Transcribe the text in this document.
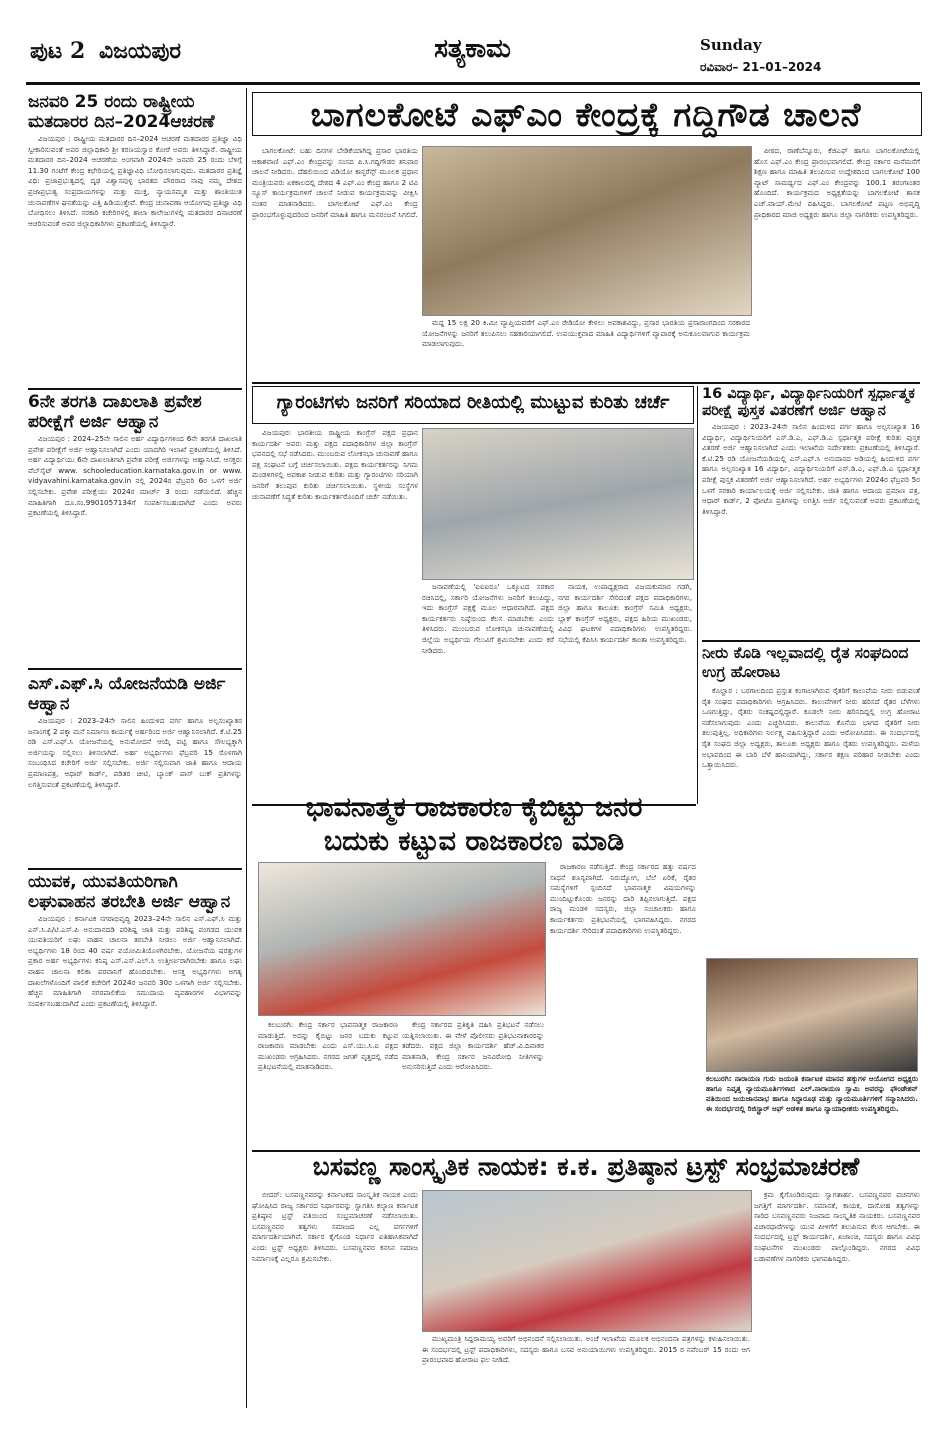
ಪುಟ 2 ವಿಜಯಪುರ	ಸತ್ಯಕಾಮ	Sunday
ರವಿವಾರ– 21–01–2024
ಜನವರಿ 25 ರಂದು ರಾಷ್ಟ್ರೀಯ ಮತದಾರರ ದಿನ–2024ಆಚರಣೆ

ವಿಜಯಪುರ : ರಾಷ್ಟ್ರೀಯ ಮತದಾರರ ದಿನ–2024 ಆಚರಣೆ ಮತದಾರರ ಪ್ರತಿಜ್ಞಾ ವಿಧಿ ಸ್ವೀಕಾರಿಸುವಂತೆ ಅಪರ ಜಿಲ್ಲಾಧಿಕಾರಿ ಶ್ರೀ ಕರಣಯಸ್ವಾರ ಕೋರೆ ಅವರು ತಿಳಿಸಿದ್ದಾರೆ. ರಾಷ್ಟ್ರೀಯ ಮತದಾರರ ದಿನ–2024 ಆಚರಣೆಯ ಅಂಗವಾಗಿ 2024ನೇ ಜನವರಿ 25 ರಂದು ಬೆಳಿಗ್ಗೆ 11.30 ಗಂಟೆಗೆ ಕೇಂದ್ರ ಕಛೇರಿಯಲ್ಲಿ ಪ್ರತಿಜ್ಞಾವಿಧಿ ಬೋಧಿಸಲಾಗುವುದು. ಮತದಾರರ ಪ್ರತಿಜ್ಞೆ ವಿಧಿ: ಪ್ರಜಾಪ್ರಭುತ್ವದಲ್ಲಿ ದೃಢ ವಿಶ್ವಾಸವುಳ್ಳ ಭಾರತದ ಪೌರರಾದ ನಾವು ನಮ್ಮ ದೇಶದ ಪ್ರಜಾಪ್ರಭುತ್ವ ಸಂಪ್ರದಾಯಗಳನ್ನು ಮತ್ತು ಮುಕ್ತ, ನ್ಯಾಯಸಮ್ಮತ ಮತ್ತು ಶಾಂತಿಯುತ ಚುನಾವಣೆಗಳ ಘನತೆಯನ್ನು ಎತ್ತಿ ಹಿಡಿಯುತ್ತೇವೆ. ಕೇಂದ್ರ ಚುನಾವಣಾ ಆಯೋಗವು ಪ್ರತಿಜ್ಞಾ ವಿಧಿ ಬೋಧಿಸಲು ತಿಳಿಸಿದೆ. ಸರಕಾರಿ ಕಚೇರಿಗಳಲ್ಲಿ ಶಾಲಾ ಕಾಲೇಜುಗಳಲ್ಲಿ ಮತದಾರರ ದಿನಾಚರಣೆ ಆಚರಿಸುವಂತೆ ಅಪರ ಜಿಲ್ಲಾಧಿಕಾರಿಗಳು ಪ್ರಕಟಣೆಯಲ್ಲಿ ತಿಳಿಸಿದ್ದಾರೆ.

6ನೇ ತರಗತಿ ದಾಖಲಾತಿ ಪ್ರವೇಶ ಪರೀಕ್ಷೆಗೆ ಅರ್ಜಿ ಆಹ್ವಾನ

ವಿಜಯಪುರ : 2024–25ನೇ ಸಾಲಿನ ಅರ್ಹ ವಿದ್ಯಾರ್ಥಿಗಳಿಂದ 6ನೇ ತರಗತಿ ದಾಖಲಾತಿ ಪ್ರವೇಶ ಪರೀಕ್ಷೆಗೆ ಅರ್ಜಿ ಆಹ್ವಾನಿಸಲಾಗಿದೆ ಎಂದು ಯಾದಗಿರಿ ಇಲಾಖೆ ಪ್ರಕಟಣೆಯಲ್ಲಿ ತಿಳಿಸಿದೆ. ಅರ್ಹ ವಿದ್ಯಾರ್ಥಿಯು 6ನೇ ದಾಖಲಾತಿಗಾಗಿ ಪ್ರವೇಶ ಪರೀಕ್ಷೆ ಅರ್ಜಿಗಳನ್ನು ಆಹ್ವಾನಿಸಿದೆ. ಆಸಕ್ತರು ವೆಬ್‌ಸೈಟ್ www. schooleducation.karnataka.gov.in or www. vidyavahini.karnataka.gov.in ನಲ್ಲಿ 2024ರ ಫೆಬ್ರವರಿ 6ರ ಒಳಗೆ ಅರ್ಜಿ ಸಲ್ಲಿಸಬೇಕು. ಪ್ರವೇಶ ಪರೀಕ್ಷೆಯು 2024ರ ಮಾರ್ಚ್ 3 ರಂದು ನಡೆಯಲಿದೆ. ಹೆಚ್ಚಿನ ಮಾಹಿತಿಗಾಗಿ ದೂ.ಸಂ.9901057134ಗೆ ಸಂಪರ್ಕಿಸಬಹುದಾಗಿದೆ ಎಂದು ಅವರು ಪ್ರಕಟಣೆಯಲ್ಲಿ ತಿಳಿಸಿದ್ದಾರೆ.

ಎಸ್.ಎಫ್.ಸಿ ಯೋಜನೆಯಡಿ ಅರ್ಜಿ ಆಹ್ವಾನ

ವಿಜಯಪುರ : 2023–24ನೇ ಸಾಲಿನ ಹಿಂದುಳಿದ ವರ್ಗ ಹಾಗೂ ಅಲ್ಪಸಂಖ್ಯಾತರ ಜನಾಂಗಕ್ಕೆ 2 ಪಕ್ಕಾ ಮನೆ ನಿರ್ಮಾಣ ಕಾರ್ಯಕ್ಕೆ ಅರ್ಹರಿಂದ ಅರ್ಜಿ ಆಹ್ವಾನಿಸಲಾಗಿದೆ. ಕೆ.ಟಿ.25 ರಡಿ ಎಸ್.ಎಫ್.ಸಿ ಯೋಜನೆಯಲ್ಲಿ ಅನುಮೋದನೆ ಆಯ್ಕೆ ಪಟ್ಟಿ ಹಾಗೂ ಸೌಲಭ್ಯಕ್ಕಾಗಿ ಅರ್ಜಿಯನ್ನು ಸಲ್ಲಿಸಲು ತಿಳಿಸಲಾಗಿದೆ. ಅರ್ಹ ಅಭ್ಯರ್ಥಿಗಳು ಫೆಬ್ರವರಿ 15 ರೊಳಗಾಗಿ ಸಂಬಂಧಿಸಿದ ಕಚೇರಿಗೆ ಅರ್ಜಿ ಸಲ್ಲಿಸಬೇಕು. ಅರ್ಜಿ ಸಲ್ಲಿಸುವಾಗ ಜಾತಿ ಹಾಗೂ ಆದಾಯ ಪ್ರಮಾಣಪತ್ರ, ಆಧಾರ್ ಕಾರ್ಡ್, ಪಡಿತರ ಚೀಟಿ, ಬ್ಯಾಂಕ್ ಪಾಸ್ ಬುಕ್ ಪ್ರತಿಗಳನ್ನು ಲಗತ್ತಿಸುವಂತೆ ಪ್ರಕಟಣೆಯಲ್ಲಿ ತಿಳಿಸಿದ್ದಾರೆ.

ಯುವಕ, ಯುವತಿಯರಿಗಾಗಿ ಲಘುವಾಹನ ತರಬೇತಿ ಅರ್ಜಿ ಆಹ್ವಾನ

ವಿಜಯಪುರ : ಕರ್ನಾಟಕ ನಗರಾಭಿವೃದ್ಧಿ 2023–24ನೇ ಸಾಲಿನ ಎಸ್.ಎಫ್.ಸಿ ಮತ್ತು ಎಸ್.ಸಿ.ಪಿ/ಟಿ.ಎಸ್.ಪಿ ಅನುದಾನದಡಿ ಪರಿಶಿಷ್ಟ ಜಾತಿ ಮತ್ತು ಪರಿಶಿಷ್ಟ ಪಂಗಡದ ಯುವಕ ಯುವತಿಯರಿಗೆ ಲಘು ವಾಹನ ಚಾಲನಾ ತರಬೇತಿ ನೀಡಲು ಅರ್ಜಿ ಆಹ್ವಾನಿಸಲಾಗಿದೆ. ಅಭ್ಯರ್ಥಿಗಳು 18 ರಿಂದ 40 ವರ್ಷ ವಯೋಮಿತಿಯೊಳಗಿರಬೇಕು. ಯೋಜನೆಯ ಷರತ್ತುಗಳ ಪ್ರಕಾರ ಅರ್ಹ ಅಭ್ಯರ್ಥಿಗಳು ಕನಿಷ್ಠ ಎಸ್.ಎಸ್.ಎಲ್.ಸಿ ಉತ್ತೀರ್ಣರಾಗಿರಬೇಕು ಹಾಗೂ ಲಘು ವಾಹನ ಚಾಲನಾ ಕಲಿಕಾ ಪರವಾನಿಗೆ ಹೊಂದಿರಬೇಕು. ಆಸಕ್ತ ಅಭ್ಯರ್ಥಿಗಳು ಅಗತ್ಯ ದಾಖಲೆಗಳೊಂದಿಗೆ ಪಾಲಿಕೆ ಕಚೇರಿಗೆ 2024ರ ಜನವರಿ 30ರ ಒಳಗಾಗಿ ಅರ್ಜಿ ಸಲ್ಲಿಸಬೇಕು. ಹೆಚ್ಚಿನ ಮಾಹಿತಿಗಾಗಿ ನಗರಪಾಲಿಕೆಯ ಸಮುದಾಯ ವ್ಯವಹಾರಗಳ ವಿಭಾಗವನ್ನು ಸಂಪರ್ಕಿಸಬಹುದಾಗಿದೆ ಎಂದು ಪ್ರಕಟಣೆಯಲ್ಲಿ ತಿಳಿಸಿದ್ದಾರೆ.

ಬಾಗಲಕೋಟೆ ಎಫ್ಎಂ ಕೇಂದ್ರಕ್ಕೆ ಗದ್ದಿಗೌಡ ಚಾಲನೆ

ಬಾಗಲಕೋಟೆ: ಬಹು ದಿನಗಳ ಬೇಡಿಕೆಯಾಗಿದ್ದ ಪ್ರಸಾರ ಭಾರತಿಯ ಆಕಾಶವಾಣಿ ಎಫ್.ಎಂ ಕೇಂದ್ರವನ್ನು ಸಂಸದ ಪಿ.ಸಿ.ಗದ್ದಿಗೌಡರ ಶನಿವಾರ ಚಾಲನೆ ನೀಡಿದರು. ದೆಹಲಿಯಿಂದ ವಿಡಿಯೋ ಕಾನ್ಫರೆನ್ಸ್ ಮೂಲಕ ಪ್ರಧಾನ ಮಂತ್ರಿಯವರು ಏಕಕಾಲದಲ್ಲಿ ದೇಶದ 4 ಎಫ್.ಎಂ ಕೇಂದ್ರ ಹಾಗೂ 2 ಟಿವಿ ನ್ಯೂಸ್ ಕಾರ್ಯಕ್ರಮಗಳಿಗೆ ಚಾಲನೆ ನೀಡುವ ಕಾರ್ಯಕ್ರಮವನ್ನು ವೀಕ್ಷಿಸಿ ನಂತರ ಮಾತನಾಡಿದರು. ಬಾಗಲಕೋಟೆ ಎಫ್.ಎಂ ಕೇಂದ್ರ ಪ್ರಾರಂಭಗೊಳ್ಳುವುದರಿಂದ ಜನರಿಗೆ ಮಾಹಿತಿ ಹಾಗೂ ಮನರಂಜನೆ ಸಿಗಲಿದೆ.

ಮದ್ದ 15 ಲಕ್ಷ 20 ಕಿ.ಮೀ ವ್ಯಾಪ್ತಿಯವರೆಗೆ ಎಫ್.ಎಂ ರೇಡಿಯೋ ಕೇಳಲು ಅವಕಾಶವಿದ್ದು, ಪ್ರಸಾರ ಭಾರತಿಯ ಪ್ರಸಾರಾಂಗದಿಂದ ಸರಕಾರದ ಯೋಜನೆಗಳನ್ನು ಜನರಿಗೆ ತಲುಪಿಸಲು ಸಹಕಾರಿಯಾಗಲಿದೆ. ಉಪಯುಕ್ತವಾದ ಮಾಹಿತಿ ವಿದ್ಯಾರ್ಥಿಗಳಿಗೆ ವ್ಯಾಪಾರಕ್ಕೆ ಅನುಕೂಲವಾಗುವ ಕಾರ್ಯಕ್ರಮ ಮಾಡಲಾಗುವುದು.

ಪೀಠದ, ರಾಣೆಬೆನ್ನೂರು, ಕೆಜಿಎಫ್ ಹಾಗೂ ಬಾಗಲಕೋಟೆಯಲ್ಲಿ ಹೊಸ ಎಫ್.ಎಂ ಕೇಂದ್ರ ಪ್ರಾರಂಭವಾಗಲಿದೆ. ಕೇಂದ್ರ ಸರ್ಕಾರ ಮನೆಮನೆಗೆ ಶಿಕ್ಷಣ ಹಾಗೂ ಮಾಹಿತಿ ತಲುಪಿಸುವ ಉದ್ದೇಶದಿಂದ ಬಾಗಲಕೋಟೆ 100 ವ್ಯಾಟ್ ಸಾಮರ್ಥ್ಯದ ಎಫ್.ಎಂ ಕೇಂದ್ರವನ್ನು 100.1 ತರಂಗಾಂತರ ಹೊಂದಿದೆ. ಕಾರ್ಯಕ್ರಮದ ಅಧ್ಯಕ್ಷತೆಯನ್ನು ಬಾಗಲಕೋಟೆ ಶಾಸಕ ಎಚ್.ವಾಯ್.ಮೇಟಿ ವಹಿಸಿದ್ದರು. ಬಾಗಲಕೋಟೆ ಪಟ್ಟಣ ಅಭಿವೃದ್ಧಿ ಪ್ರಾಧಿಕಾರದ ಮಾಜಿ ಅಧ್ಯಕ್ಷರು ಹಾಗೂ ಜಿಲ್ಲಾ ನಾಗರಿಕರು ಉಪಸ್ಥಿತರಿದ್ದರು.

ಗ್ಯಾರಂಟಿಗಳು ಜನರಿಗೆ ಸರಿಯಾದ ರೀತಿಯಲ್ಲಿ ಮುಟ್ಟುವ ಕುರಿತು ಚರ್ಚೆ

ವಿಜಯಪುರ: ಭಾರತೀಯ ರಾಷ್ಟ್ರೀಯ ಕಾಂಗ್ರೆಸ್ ಪಕ್ಷದ ಪ್ರಧಾನ ಕಾರ್ಯದರ್ಶಿ ಅವರು ಮತ್ತು ಪಕ್ಷದ ಪದಾಧಿಕಾರಿಗಳ ಜಿಲ್ಲಾ ಕಾಂಗ್ರೆಸ್ ಭವನದಲ್ಲಿ ಸಭೆ ನಡೆಸಿದರು. ಮುಂಬರುವ ಲೋಕಸಭಾ ಚುನಾವಣೆ ಹಾಗೂ ಪಕ್ಷ ಸಂಘಟನೆ ಬಗ್ಗೆ ಚರ್ಚಿಸಲಾಯಿತು. ಪಕ್ಷದ ಕಾರ್ಯಕರ್ತರನ್ನು ನಿಗಮ ಮಂಡಳಿಗಳಲ್ಲಿ ಅವಕಾಶ ನೀಡುವ ಕುರಿತು ಮತ್ತು ಗ್ಯಾರಂಟಿಗಳು ಸರಿಯಾಗಿ ಜನರಿಗೆ ತಲುಪುವ ಕುರಿತು ಚರ್ಚಿಸಲಾಯಿತು. ಸ್ಥಳೀಯ ಸಂಸ್ಥೆಗಳ ಚುನಾವಣೆಗೆ ಸಿದ್ಧತೆ ಕುರಿತು ಕಾರ್ಯಕರ್ತರೊಂದಿಗೆ ಚರ್ಚೆ ನಡೆಯಿತು.

ಜನಾವಣೆಯಲ್ಲಿ 'ಐಐಐರೂ' ಒಕ್ಕೂಟದ ಸರಕಾರ ರಚಿಸಿದಲ್ಲಿ, ಸರ್ಕಾರಿ ಯೋಜನೆಗಳು ಜನರಿಗೆ ತಲುಪಿದ್ದು, ಇದು ಕಾಂಗ್ರೆಸ್ ಪಕ್ಷಕ್ಕೆ ಮೂಲ ಆಧಾರವಾಗಿದೆ. ಪಕ್ಷದ ಕಾರ್ಯಕರ್ತರು ನಿಷ್ಠೆಯಿಂದ ಕೆಲಸ ಮಾಡಬೇಕು ಎಂದು ತಿಳಿಸಿದರು. ಮುಂಬರುವ ಲೋಕಸಭಾ ಚುನಾವಣೆಯಲ್ಲಿ ಜಿಲ್ಲೆಯ ಅಭ್ಯರ್ಥಿಯ ಗೆಲುವಿಗೆ ಶ್ರಮಿಸಬೇಕು ಎಂದು ಕರೆ ನೀಡಿದರು.

ನಾಯಕ, ಉಪಾಧ್ಯಕ್ಷರಾದ ವಿಜಯಕುಮಾರ ಗಡಗಿ, ನಗರ ಕಾರ್ಯದರ್ಶಿ ಸೇರಿದಂತೆ ಪಕ್ಷದ ಪದಾಧಿಕಾರಿಗಳು, ಜಿಲ್ಲಾ ಹಾಗೂ ತಾಲೂಕು ಕಾಂಗ್ರೆಸ್ ಸಮಿತಿ ಅಧ್ಯಕ್ಷರು, ಬ್ಲಾಕ್ ಕಾಂಗ್ರೆಸ್ ಅಧ್ಯಕ್ಷರು, ಪಕ್ಷದ ಹಿರಿಯ ಮುಖಂಡರು, ವಿವಿಧ ಘಟಕಗಳ ಪದಾಧಿಕಾರಿಗಳು ಉಪಸ್ಥಿತರಿದ್ದರು. ಸಭೆಯಲ್ಲಿ ಕೆಪಿಸಿಸಿ ಕಾರ್ಯದರ್ಶಿ ಕಾಂತಾ ಉಪಸ್ಥಿತರಿದ್ದರು.

16 ವಿದ್ಯಾರ್ಥಿ, ವಿದ್ಯಾರ್ಥಿನಿಯರಿಗೆ ಸ್ಪರ್ಧಾತ್ಮಕ ಪರೀಕ್ಷೆ ಪುಸ್ತಕ ವಿತರಣೆಗೆ ಅರ್ಜಿ ಆಹ್ವಾನ

ವಿಜಯಪುರ : 2023–24ನೇ ಸಾಲಿನ ಹಿಂದುಳಿದ ವರ್ಗ ಹಾಗೂ ಅಲ್ಪಸಂಖ್ಯಾತ 16 ವಿದ್ಯಾರ್ಥಿ, ವಿದ್ಯಾರ್ಥಿನಿಯರಿಗೆ ಎಸ್.ಡಿ.ಎ, ಎಫ್.ಡಿ.ಎ ಸ್ಪರ್ಧಾತ್ಮಕ ಪರೀಕ್ಷೆ ಕುರಿತು ಪುಸ್ತಕ ವಿತರಣೆ ಅರ್ಜಿ ಆಹ್ವಾನಿಸಲಾಗಿದೆ ಎಂದು ಇಲಾಖೆಯ ನಿರ್ದೇಶಕರು ಪ್ರಕಟಣೆಯಲ್ಲಿ ತಿಳಿಸಿದ್ದಾರೆ. ಕೆ.ಟಿ.25 ರಡಿ ಯೋಜನೆಯಡಿಯಲ್ಲಿ ಎಸ್.ಎಫ್.ಸಿ ಅನುದಾನದ ಅಡಿಯಲ್ಲಿ ಹಿಂದುಳಿದ ವರ್ಗ ಹಾಗೂ ಅಲ್ಪಸಂಖ್ಯಾತ 16 ವಿದ್ಯಾರ್ಥಿ, ವಿದ್ಯಾರ್ಥಿನಿಯರಿಗೆ ಎಸ್.ಡಿ.ಎ, ಎಫ್.ಡಿ.ಎ ಸ್ಪರ್ಧಾತ್ಮಕ ಪರೀಕ್ಷೆ ಪುಸ್ತಕ ವಿತರಣೆಗೆ ಅರ್ಜಿ ಆಹ್ವಾನಿಸಲಾಗಿದೆ. ಅರ್ಹ ಅಭ್ಯರ್ಥಿಗಳು 2024ರ ಫೆಬ್ರವರಿ 5ರ ಒಳಗೆ ಸರಕಾರಿ ಕಾರ್ಯಾಲಯಕ್ಕೆ ಅರ್ಜಿ ಸಲ್ಲಿಸಬೇಕು. ಜಾತಿ ಹಾಗೂ ಆದಾಯ ಪ್ರಮಾಣ ಪತ್ರ, ಆಧಾರ್ ಕಾರ್ಡ್, 2 ಫೋಟೊ ಪ್ರತಿಗಳನ್ನು ಲಗತ್ತಿಸಿ ಅರ್ಜಿ ಸಲ್ಲಿಸುವಂತೆ ಅವರು ಪ್ರಕಟಣೆಯಲ್ಲಿ ತಿಳಿಸಿದ್ದಾರೆ.

ನೀರು ಕೊಡಿ ಇಲ್ಲವಾದಲ್ಲಿ ರೈತ ಸಂಘದಿಂದ ಉಗ್ರ ಹೋರಾಟ

ಕೊಲ್ಹಾರ : ಬರಗಾಲದಿಂದ ಪ್ರಸ್ತುತ ಕಂಗಾಲಾಗಿರುವ ರೈತರಿಗೆ ಕಾಲುವೆಯ ನೀರು ಬಿಡುವಂತೆ ರೈತ ಸಂಘದ ಪದಾಧಿಕಾರಿಗಳು ಆಗ್ರಹಿಸಿದರು. ಕಾಲುವೆಗಳಿಗೆ ನೀರು ಹರಿಸದೆ ರೈತರ ಬೆಳೆಗಳು ಒಣಗುತ್ತಿದ್ದು, ರೈತರು ಸಂಕಷ್ಟದಲ್ಲಿದ್ದಾರೆ. ಕೂಡಲೇ ನೀರು ಹರಿಸದಿದ್ದಲ್ಲಿ ಉಗ್ರ ಹೋರಾಟ ನಡೆಸಲಾಗುವುದು ಎಂದು ಎಚ್ಚರಿಸಿದರು. ಕಾಲುವೆಯ ಕೊನೆಯ ಭಾಗದ ರೈತರಿಗೆ ನೀರು ತಲುಪುತ್ತಿಲ್ಲ. ಅಧಿಕಾರಿಗಳು ನಿರ್ಲಕ್ಷ್ಯ ವಹಿಸುತ್ತಿದ್ದಾರೆ ಎಂದು ಆರೋಪಿಸಿದರು. ಈ ಸಂದರ್ಭದಲ್ಲಿ ರೈತ ಸಂಘದ ಜಿಲ್ಲಾ ಅಧ್ಯಕ್ಷರು, ತಾಲೂಕು ಅಧ್ಯಕ್ಷರು ಹಾಗೂ ರೈತರು ಉಪಸ್ಥಿತರಿದ್ದರು. ಮಳೆಯ ಅಭಾವದಿಂದ ಈ ಬಾರಿ ಬೆಳೆ ಹಾನಿಯಾಗಿದ್ದು, ಸರ್ಕಾರ ತಕ್ಷಣ ಪರಿಹಾರ ನೀಡಬೇಕು ಎಂದು ಒತ್ತಾಯಿಸಿದರು.

ಭಾವನಾತ್ಮಕ ರಾಜಕಾರಣ ಕೈಬಿಟ್ಟು ಜನರ
ಬದುಕು ಕಟ್ಟುವ ರಾಜಕಾರಣ ಮಾಡಿ

ರಾಜಕಾರಣ ನಡೆಸುತ್ತಿದೆ. ಕೇಂದ್ರ ಸರ್ಕಾರದ ಹತ್ತು ವರ್ಷದ ಸಾಧನೆ ಶೂನ್ಯವಾಗಿದೆ. ನಿರುದ್ಯೋಗ, ಬೆಲೆ ಏರಿಕೆ, ರೈತರ ಸಮಸ್ಯೆಗಳಿಗೆ ಸ್ಪಂದಿಸದೆ ಭಾವನಾತ್ಮಕ ವಿಷಯಗಳನ್ನು ಮುಂದಿಟ್ಟುಕೊಂಡು ಜನರನ್ನು ದಾರಿ ತಪ್ಪಿಸಲಾಗುತ್ತಿದೆ. ಪಕ್ಷದ ರಾಜ್ಯ ಮಂಡಳಿ ಸದಸ್ಯರು, ಜಿಲ್ಲಾ ಸಂಚಾಲಕರು ಹಾಗೂ ಕಾರ್ಯಕರ್ತರು ಪ್ರತಿಭಟನೆಯಲ್ಲಿ ಭಾಗವಹಿಸಿದ್ದರು. ನಗರದ ಕಾರ್ಯದರ್ಶಿ ಸೇರಿದಂತೆ ಪದಾಧಿಕಾರಿಗಳು ಉಪಸ್ಥಿತರಿದ್ದರು.

ಕಲಬುರಗಿ: ಕೇಂದ್ರ ಸರ್ಕಾರ ಭಾವನಾತ್ಮಕ ರಾಜಕಾರಣ ಮಾಡುತ್ತಿದೆ. ಅದನ್ನು ಕೈಬಿಟ್ಟು ಜನರ ಬದುಕು ಕಟ್ಟುವ ರಾಜಕಾರಣ ಮಾಡಬೇಕು ಎಂದು ಎಸ್.ಯು.ಸಿ.ಐ ಪಕ್ಷದ ಮುಖಂಡರು ಆಗ್ರಹಿಸಿದರು. ನಗರದ ಜಗತ್ ವೃತ್ತದಲ್ಲಿ ನಡೆದ ಪ್ರತಿಭಟನೆಯಲ್ಲಿ ಮಾತನಾಡಿದರು.

ಕೇಂದ್ರ ಸರ್ಕಾರದ ಪ್ರತಿಕೃತಿ ದಹಿಸಿ ಪ್ರತಿಭಟನೆ ನಡೆಸಲು ಯತ್ನಿಸಲಾಯಿತು. ಈ ವೇಳೆ ಪೊಲೀಸರು ಪ್ರತಿಭಟನಾಕಾರರನ್ನು ತಡೆದರು. ಪಕ್ಷದ ಜಿಲ್ಲಾ ಕಾರ್ಯದರ್ಶಿ ಹೆಚ್.ವಿ.ದಿವಾಕರ ಮಾತನಾಡಿ, ಕೇಂದ್ರ ಸರ್ಕಾರ ಜನವಿರೋಧಿ ನೀತಿಗಳನ್ನು ಅನುಸರಿಸುತ್ತಿದೆ ಎಂದು ಆರೋಪಿಸಿದರು.

ಕಲಬುರಗಿ: ನಾರಾಯಣ ಗುರು ಜಯಂತಿ ಕರ್ನಾಟಕ ಮಾನವ ಹಕ್ಕುಗಳ ಆಯೋಗದ ಅಧ್ಯಕ್ಷರು ಹಾಗೂ ನಿವೃತ್ತ ನ್ಯಾಯಮೂರ್ತಿಗಳಾದ ಎಲ್.ನಾರಾಯಣ ಸ್ವಾಮಿ ಅವರನ್ನು ಫೌಂಡೇಶನ್ ವತಿಯಿಂದ ಜಯಜಾನವಾಭ ಹಾಗೂ ಸಿದ್ಧಾರೂಢ ಮತ್ತು ನ್ಯಾಯಮೂರ್ತಿಗಳಿಗೆ ಸನ್ಮಾನಿಸಿದರು. ಈ ಸಂದರ್ಭದಲ್ಲಿ ರಿಜಿಸ್ಟ್ರಾರ್ ಆಫ್ ಆಡಳಿತ ಹಾಗೂ ನ್ಯಾಯಾಧೀಶರು ಉಪಸ್ಥಿತರಿದ್ದರು.
ಬಸವಣ್ಣ ಸಾಂಸ್ಕೃತಿಕ ನಾಯಕ: ಕ.ಕ. ಪ್ರತಿಷ್ಠಾನ ಟ್ರಸ್ಟ್ ಸಂಭ್ರಮಾಚರಣೆ

ಬೀದರ್: ಬಸವಣ್ಣನವರನ್ನು ಕರ್ನಾಟಕದ ಸಾಂಸ್ಕೃತಿಕ ನಾಯಕ ಎಂದು ಘೋಷಿಸಿದ ರಾಜ್ಯ ಸರ್ಕಾರದ ನಿರ್ಧಾರವನ್ನು ಸ್ವಾಗತಿಸಿ ಕಲ್ಯಾಣ ಕರ್ನಾಟಕ ಪ್ರತಿಷ್ಠಾನ ಟ್ರಸ್ಟ್ ವತಿಯಿಂದ ಸಂಭ್ರಮಾಚರಣೆ ನಡೆಸಲಾಯಿತು. ಬಸವಣ್ಣನವರ ತತ್ವಗಳು ಸಮಾಜದ ಎಲ್ಲ ವರ್ಗಗಳಿಗೆ ಮಾರ್ಗದರ್ಶಿಯಾಗಿವೆ. ಸರ್ಕಾರ ಕೈಗೊಂಡ ನಿರ್ಧಾರ ಐತಿಹಾಸಿಕವಾಗಿದೆ ಎಂದು ಟ್ರಸ್ಟ್ ಅಧ್ಯಕ್ಷರು ತಿಳಿಸಿದರು. ಬಸವಣ್ಣನವರ ಕನಸಿನ ಸಮಾಜ ನಿರ್ಮಾಣಕ್ಕೆ ಎಲ್ಲರೂ ಶ್ರಮಿಸಬೇಕು.

ಮುಖ್ಯಮಂತ್ರಿ ಸಿದ್ದರಾಮಯ್ಯ ಅವರಿಗೆ ಅಭಿನಂದನೆ ಸಲ್ಲಿಸಲಾಯಿತು. ಅಂಚೆ ಇಲಾಖೆಯ ಮೂಲಕ ಅಭಿನಂದನಾ ಪತ್ರಗಳನ್ನು ಕಳುಹಿಸಲಾಯಿತು. ಈ ಸಂದರ್ಭದಲ್ಲಿ ಟ್ರಸ್ಟ್ ಪದಾಧಿಕಾರಿಗಳು, ಸದಸ್ಯರು ಹಾಗೂ ಬಸವ ಅನುಯಾಯಿಗಳು ಉಪಸ್ಥಿತರಿದ್ದರು. 2015 ರ ನವೆಂಬರ್ 15 ರಂದು ಆಗ ಪ್ರಾರಂಭವಾದ ಹೋರಾಟ ಫಲ ನೀಡಿದೆ.

ಕ್ರಮ ಕೈಗೊಂಡಿರುವುದು ಸ್ವಾಗತಾರ್ಹ. ಬಸವಣ್ಣನವರ ವಚನಗಳು ಜಗತ್ತಿಗೆ ಮಾರ್ಗದರ್ಶಿ. ಸಮಾನತೆ, ಕಾಯಕ, ದಾಸೋಹ ತತ್ವಗಳನ್ನು ಸಾರಿದ ಬಸವಣ್ಣನವರು ನಿಜವಾದ ಸಾಂಸ್ಕೃತಿಕ ನಾಯಕರು. ಬಸವಣ್ಣನವರ ವಿಚಾರಧಾರೆಗಳನ್ನು ಯುವ ಪೀಳಿಗೆಗೆ ತಲುಪಿಸುವ ಕೆಲಸ ಆಗಬೇಕು. ಈ ಸಂದರ್ಭದಲ್ಲಿ ಟ್ರಸ್ಟ್ ಕಾರ್ಯದರ್ಶಿ, ಖಜಾಂಚಿ, ಸದಸ್ಯರು ಹಾಗೂ ವಿವಿಧ ಸಂಘಟನೆಗಳ ಮುಖಂಡರು ಪಾಲ್ಗೊಂಡಿದ್ದರು. ನಗರದ ವಿವಿಧ ಬಡಾವಣೆಗಳ ನಾಗರಿಕರು ಭಾಗವಹಿಸಿದ್ದರು.
